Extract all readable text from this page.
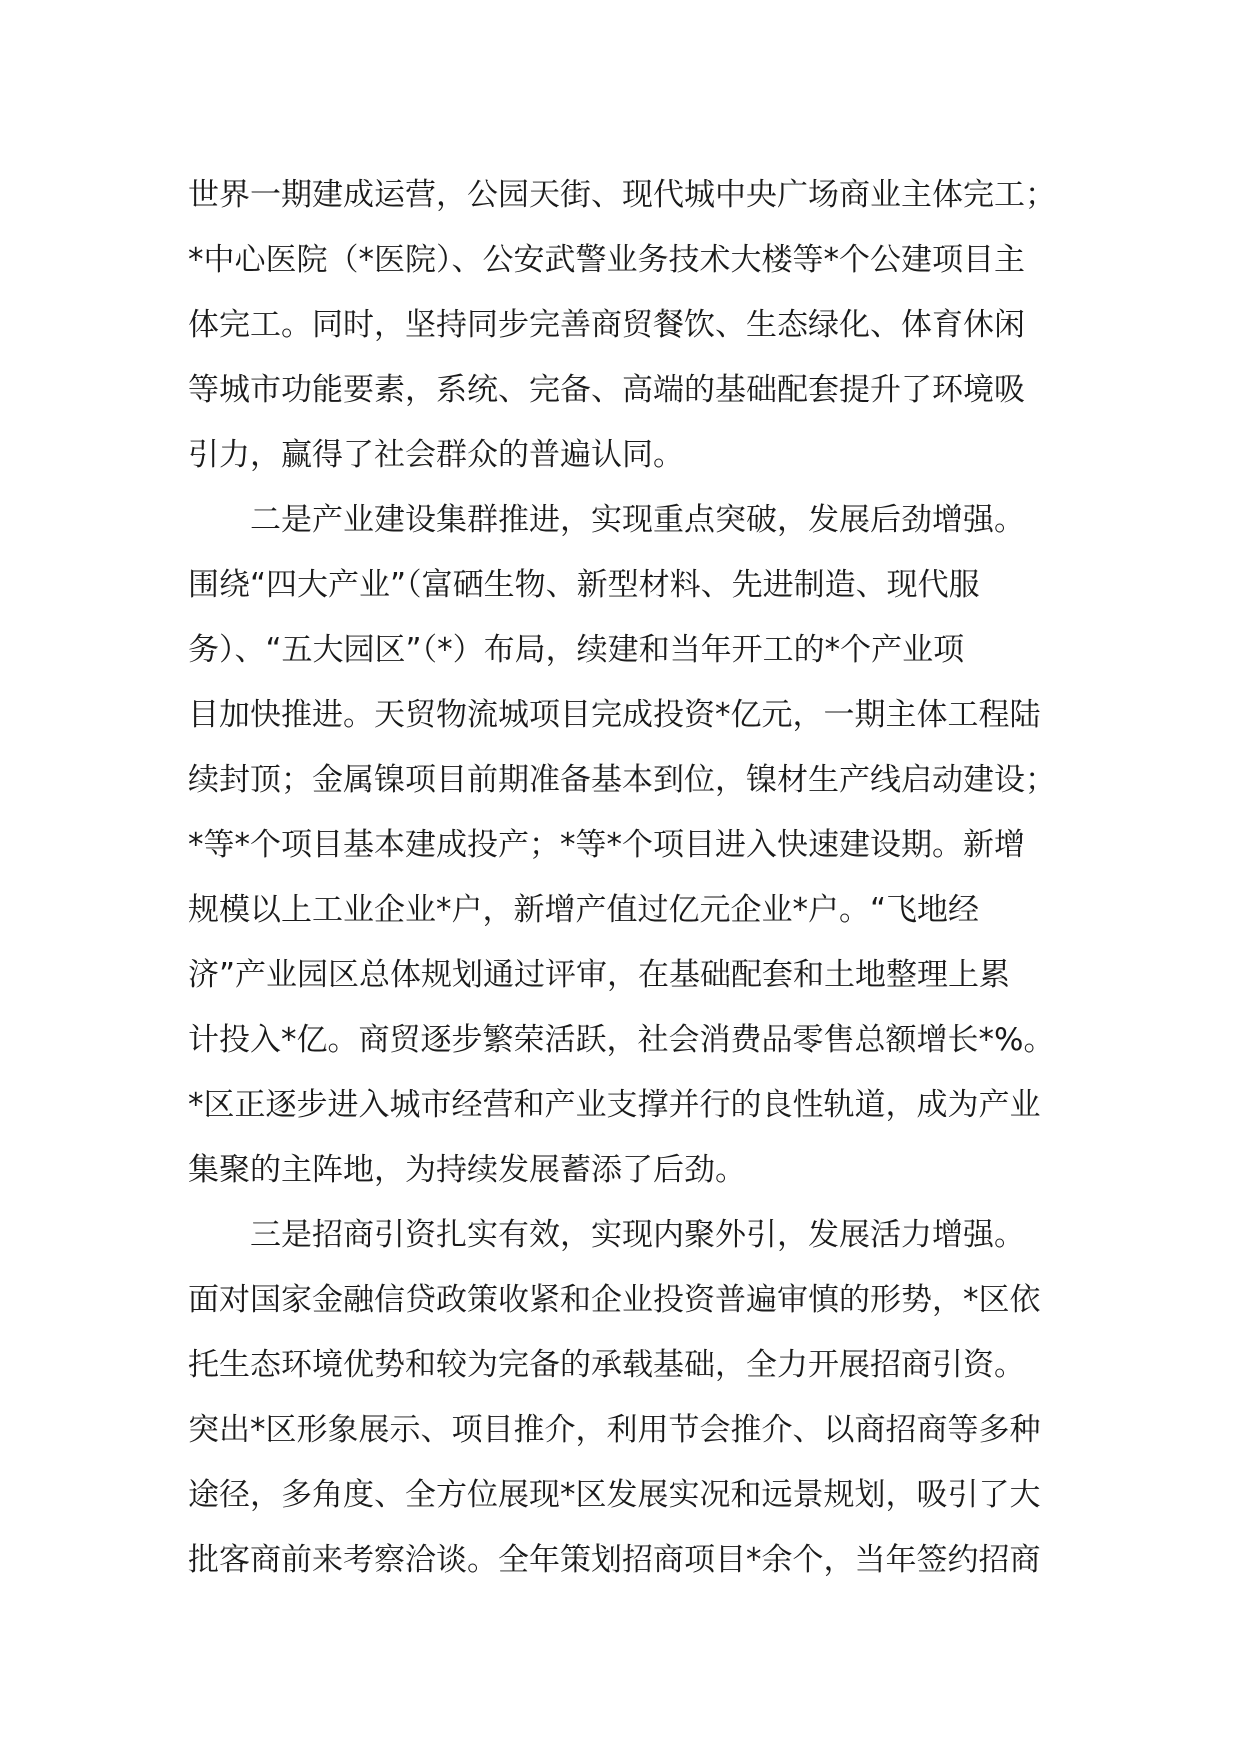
世界一期建成运营，公园天街、现代城中央广场商业主体完工；
*中心医院（*医院）、公安武警业务技术大楼等*个公建项目主
体完工。同时，坚持同步完善商贸餐饮、生态绿化、体育休闲
等城市功能要素，系统、完备、高端的基础配套提升了环境吸
引力，赢得了社会群众的普遍认同。
二是产业建设集群推进，实现重点突破，发展后劲增强。
围绕“四大产业”（富硒生物、新型材料、先进制造、现代服
务）、“五大园区”（*）布局，续建和当年开工的*个产业项
目加快推进。天贸物流城项目完成投资*亿元，一期主体工程陆
续封顶；金属镍项目前期准备基本到位，镍材生产线启动建设；
*等*个项目基本建成投产；*等*个项目进入快速建设期。新增
规模以上工业企业*户，新增产值过亿元企业*户。“飞地经
济”产业园区总体规划通过评审，在基础配套和土地整理上累
计投入*亿。商贸逐步繁荣活跃，社会消费品零售总额增长*%。
*区正逐步进入城市经营和产业支撑并行的良性轨道，成为产业
集聚的主阵地，为持续发展蓄添了后劲。
三是招商引资扎实有效，实现内聚外引，发展活力增强。
面对国家金融信贷政策收紧和企业投资普遍审慎的形势，*区依
托生态环境优势和较为完备的承载基础，全力开展招商引资。
突出*区形象展示、项目推介，利用节会推介、以商招商等多种
途径，多角度、全方位展现*区发展实况和远景规划，吸引了大
批客商前来考察洽谈。全年策划招商项目*余个，当年签约招商
